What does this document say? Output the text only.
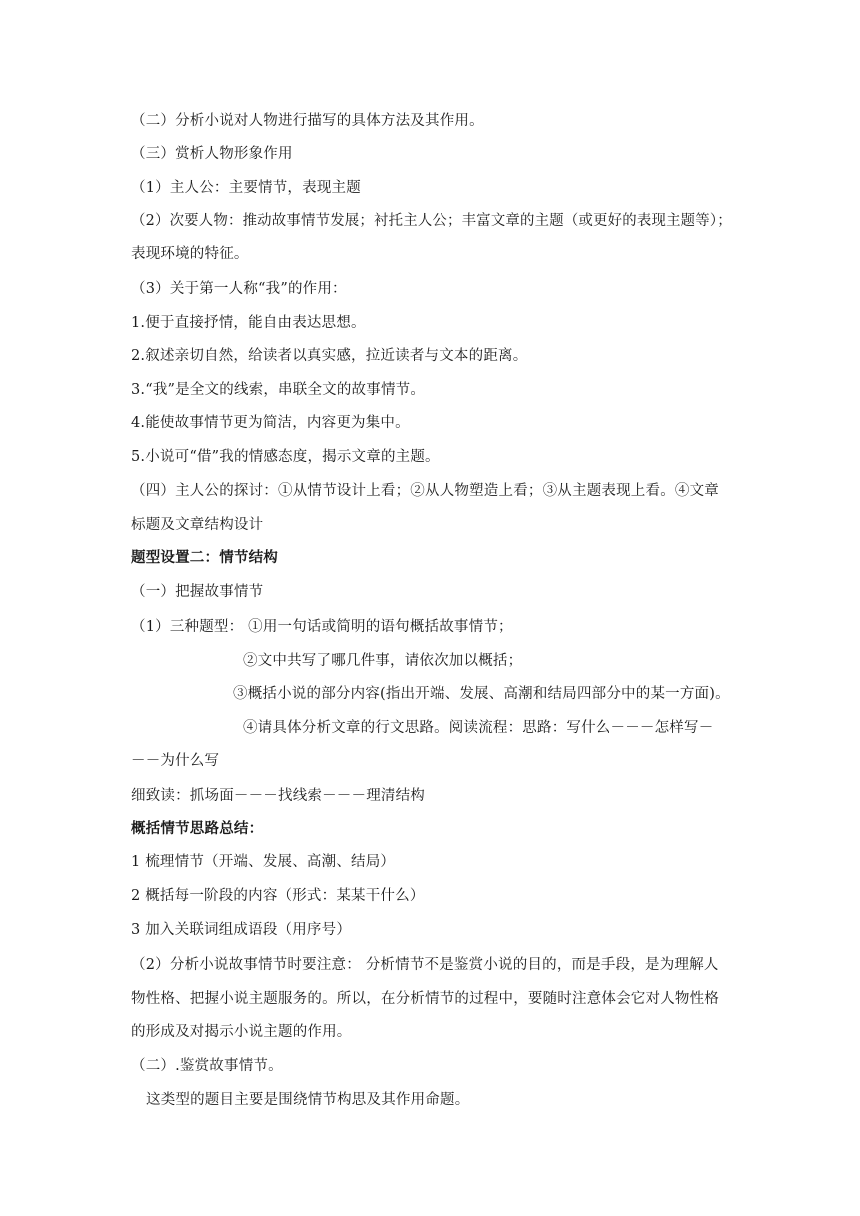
（二）分析小说对人物进行描写的具体方法及其作用。
（三）赏析人物形象作用
（1）主人公：主要情节，表现主题
（2）次要人物：推动故事情节发展；衬托主人公；丰富文章的主题（或更好的表现主题等）；
表现环境的特征。
（3）关于第一人称“我”的作用：
1.便于直接抒情，能自由表达思想。
2.叙述亲切自然，给读者以真实感，拉近读者与文本的距离。
3.“我”是全文的线索，串联全文的故事情节。
4.能使故事情节更为简洁，内容更为集中。
5.小说可“借”我的情感态度，揭示文章的主题。
（四）主人公的探讨：①从情节设计上看；②从人物塑造上看；③从主题表现上看。④文章
标题及文章结构设计
题型设置二：情节结构
（一）把握故事情节
（1）三种题型： ①用一句话或简明的语句概括故事情节；
②文中共写了哪几件事，请依次加以概括；
③概括小说的部分内容(指出开端、发展、高潮和结局四部分中的某一方面)。
④请具体分析文章的行文思路。阅读流程：思路：写什么－－－怎样写－
－－为什么写
细致读：抓场面－－－找线索－－－理清结构
概括情节思路总结：
1 梳理情节（开端、发展、高潮、结局）
2 概括每一阶段的内容（形式：某某干什么）
3 加入关联词组成语段（用序号）
（2）分析小说故事情节时要注意： 分析情节不是鉴赏小说的目的，而是手段，是为理解人
物性格、把握小说主题服务的。所以，在分析情节的过程中，要随时注意体会它对人物性格
的形成及对揭示小说主题的作用。
（二）.鉴赏故事情节。
这类型的题目主要是围绕情节构思及其作用命题。
